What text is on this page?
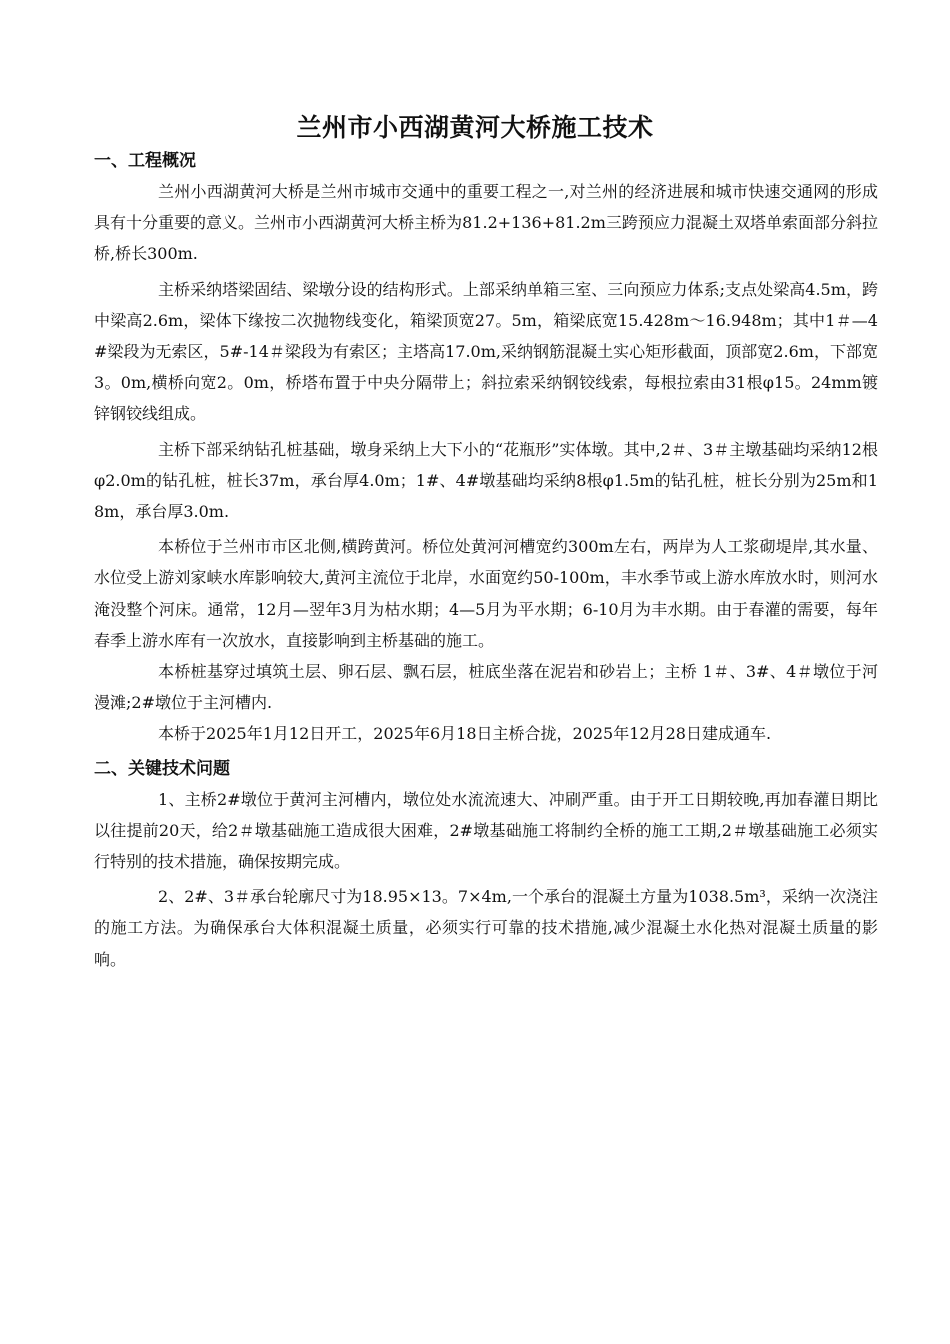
兰州市小西湖黄河大桥施工技术
一、工程概况

兰州小西湖黄河大桥是兰州市城市交通中的重要工程之一,对兰州的经济进展和城市快速交通网的形成具有十分重要的意义。兰州市小西湖黄河大桥主桥为81.2+136+81.2m三跨预应力混凝土双塔单索面部分斜拉桥,桥长300m.

主桥采纳塔梁固结、梁墩分设的结构形式。上部采纳单箱三室、三向预应力体系;支点处梁高4.5m，跨中梁高2.6m，梁体下缘按二次抛物线变化，箱梁顶宽27。5m，箱梁底宽15.428m～16.948m；其中1＃—4#梁段为无索区，5#-14＃梁段为有索区；主塔高17.0m,采纳钢筋混凝土实心矩形截面，顶部宽2.6m，下部宽3。0m,横桥向宽2。0m，桥塔布置于中央分隔带上；斜拉索采纳钢铰线索，每根拉索由31根φ15。24mm镀锌钢铰线组成。

主桥下部采纳钻孔桩基础，墩身采纳上大下小的“花瓶形”实体墩。其中,2＃、3＃主墩基础均采纳12根φ2.0m的钻孔桩，桩长37m，承台厚4.0m；1#、4#墩基础均采纳8根φ1.5m的钻孔桩，桩长分别为25m和18m，承台厚3.0m.

本桥位于兰州市市区北侧,横跨黄河。桥位处黄河河槽宽约300m左右，两岸为人工浆砌堤岸,其水量、水位受上游刘家峡水库影响较大,黄河主流位于北岸，水面宽约50-100m，丰水季节或上游水库放水时，则河水淹没整个河床。通常，12月—翌年3月为枯水期；4—5月为平水期；6-10月为丰水期。由于春灌的需要，每年春季上游水库有一次放水，直接影响到主桥基础的施工。

本桥桩基穿过填筑土层、卵石层、飘石层，桩底坐落在泥岩和砂岩上；主桥 1＃、3#、4＃墩位于河漫滩;2#墩位于主河槽内.

本桥于2025年1月12日开工，2025年6月18日主桥合拢，2025年12月28日建成通车.

二、关键技术问题

1、主桥2#墩位于黄河主河槽内，墩位处水流流速大、冲刷严重。由于开工日期较晚,再加春灌日期比以往提前20天，给2＃墩基础施工造成很大困难，2#墩基础施工将制约全桥的施工工期,2＃墩基础施工必须实行特别的技术措施，确保按期完成。

2、2#、3＃承台轮廓尺寸为18.95×13。7×4m,一个承台的混凝土方量为1038.5m³，采纳一次浇注的施工方法。为确保承台大体积混凝土质量，必须实行可靠的技术措施,减少混凝土水化热对混凝土质量的影响。
